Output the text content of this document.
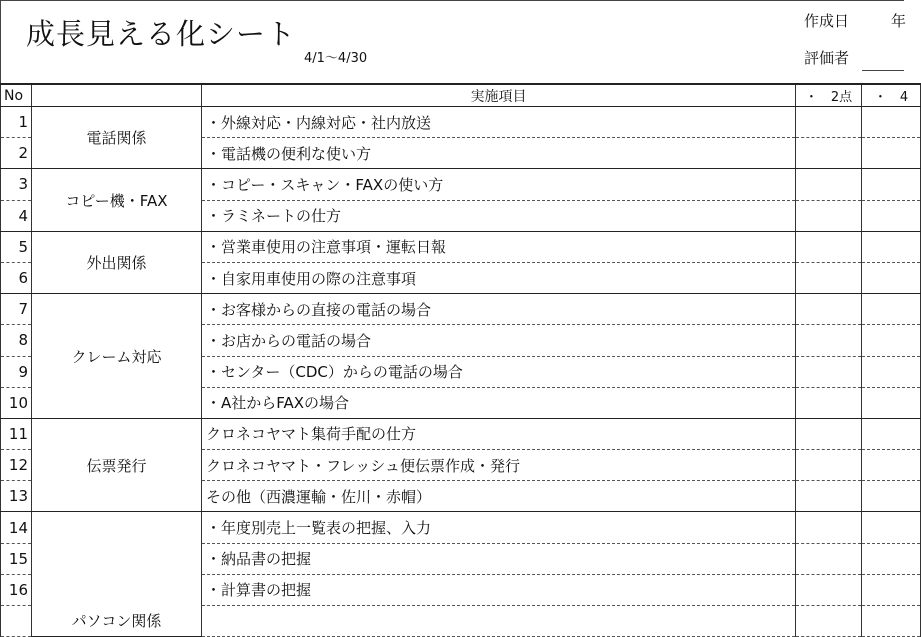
成長見える化シート
4/1～4/30
作成日	年
評価者
No		実施項目	・　2点	・　4
1	電話関係	・外線対応・内線対応・社内放送		
2		・電話機の便利な使い方		
3	コピー機・FAX	・コピー・スキャン・FAXの使い方		
4		・ラミネートの仕方		
5	外出関係	・営業車使用の注意事項・運転日報		
6		・自家用車使用の際の注意事項		
7	クレーム対応	・お客様からの直接の電話の場合		
8		・お店からの電話の場合		
9		・センター（CDC）からの電話の場合		
10		・A社からFAXの場合		
11	伝票発行	クロネコヤマト集荷手配の仕方		
12		クロネコヤマト・フレッシュ便伝票作成・発行		
13		その他（西濃運輸・佐川・赤帽）		
14	パソコン関係	・年度別売上一覧表の把握、入力		
15		・納品書の把握		
16		・計算書の把握		
